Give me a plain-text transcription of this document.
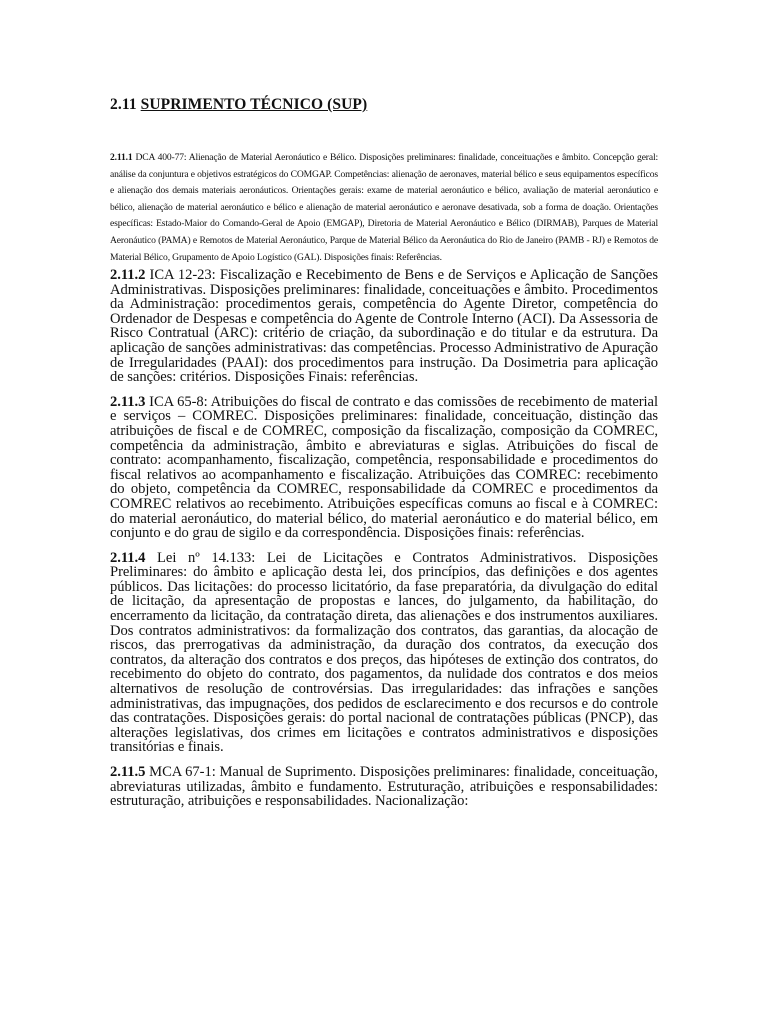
2.11 SUPRIMENTO TÉCNICO (SUP)
2.11.1 DCA 400-77: Alienação de Material Aeronáutico e Bélico. Disposições preliminares: finalidade, conceituações e âmbito. Concepção geral: análise da conjuntura e objetivos estratégicos do COMGAP. Competências: alienação de aeronaves, material bélico e seus equipamentos específicos e alienação dos demais materiais aeronáuticos. Orientações gerais: exame de material aeronáutico e bélico, avaliação de material aeronáutico e bélico, alienação de material aeronáutico e bélico e alienação de material aeronáutico e aeronave desativada, sob a forma de doação. Orientações específicas: Estado-Maior do Comando-Geral de Apoio (EMGAP), Diretoria de Material Aeronáutico e Bélico (DIRMAB), Parques de Material Aeronáutico (PAMA) e Remotos de Material Aeronáutico, Parque de Material Bélico da Aeronáutica do Rio de Janeiro (PAMB - RJ) e Remotos de Material Bélico, Grupamento de Apoio Logístico (GAL). Disposições finais: Referências.

2.11.2 ICA 12-23: Fiscalização e Recebimento de Bens e de Serviços e Aplicação de Sanções Administrativas. Disposições preliminares: finalidade, conceituações e âmbito. Procedimentos da Administração: procedimentos gerais, competência do Agente Diretor, competência do Ordenador de Despesas e competência do Agente de Controle Interno (ACI). Da Assessoria de Risco Contratual (ARC): critério de criação, da subordinação e do titular e da estrutura. Da aplicação de sanções administrativas: das competências. Processo Administrativo de Apuração de Irregularidades (PAAI): dos procedimentos para instrução. Da Dosimetria para aplicação de sanções: critérios. Disposições Finais: referências.

2.11.3 ICA 65-8: Atribuições do fiscal de contrato e das comissões de recebimento de material e serviços – COMREC. Disposições preliminares: finalidade, conceituação, distinção das atribuições de fiscal e de COMREC, composição da fiscalização, composição da COMREC, competência da administração, âmbito e abreviaturas e siglas. Atribuições do fiscal de contrato: acompanhamento, fiscalização, competência, responsabilidade e procedimentos do fiscal relativos ao acompanhamento e fiscalização. Atribuições das COMREC: recebimento do objeto, competência da COMREC, responsabilidade da COMREC e procedimentos da COMREC relativos ao recebimento. Atribuições específicas comuns ao fiscal e à COMREC: do material aeronáutico, do material bélico, do material aeronáutico e do material bélico, em conjunto e do grau de sigilo e da correspondência. Disposições finais: referências.

2.11.4 Lei nº 14.133: Lei de Licitações e Contratos Administrativos. Disposições Preliminares: do âmbito e aplicação desta lei, dos princípios, das definições e dos agentes públicos. Das licitações: do processo licitatório, da fase preparatória, da divulgação do edital de licitação, da apresentação de propostas e lances, do julgamento, da habilitação, do encerramento da licitação, da contratação direta, das alienações e dos instrumentos auxiliares. Dos contratos administrativos: da formalização dos contratos, das garantias, da alocação de riscos, das prerrogativas da administração, da duração dos contratos, da execução dos contratos, da alteração dos contratos e dos preços, das hipóteses de extinção dos contratos, do recebimento do objeto do contrato, dos pagamentos, da nulidade dos contratos e dos meios alternativos de resolução de controvérsias. Das irregularidades: das infrações e sanções administrativas, das impugnações, dos pedidos de esclarecimento e dos recursos e do controle das contratações. Disposições gerais: do portal nacional de contratações públicas (PNCP), das alterações legislativas, dos crimes em licitações e contratos administrativos e disposições transitórias e finais.

2.11.5 MCA 67-1: Manual de Suprimento. Disposições preliminares: finalidade, conceituação, abreviaturas utilizadas, âmbito e fundamento. Estruturação, atribuições e responsabilidades: estruturação, atribuições e responsabilidades. Nacionalização:
